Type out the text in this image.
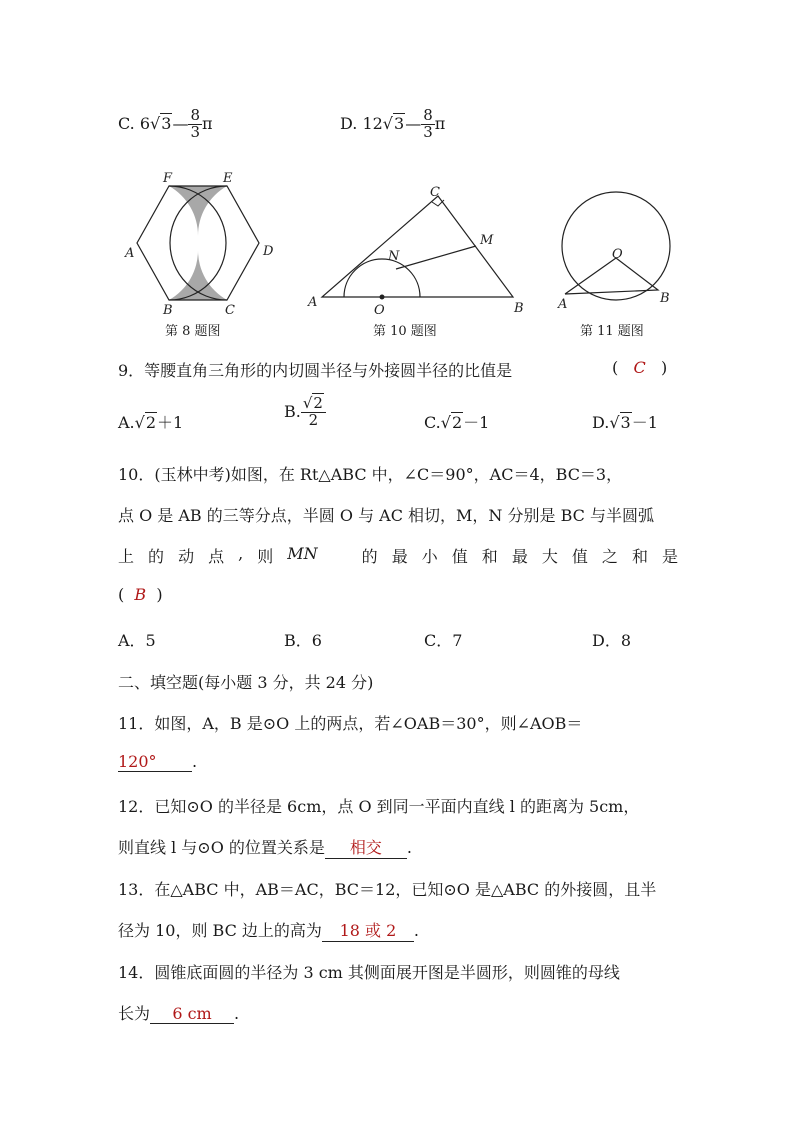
C. 6√3— $\frac{8}{3}$ π	D. 12√3— $\frac{8}{3}$ π
F	E
A	D
B	C
第 8 题图
C
M
N
A
O	B
第 10 题图
O
A	B
第 11 题图
9．等腰直角三角形的内切圆半径与外接圆半径的比值是	( C )
A.√2＋1
B. $\frac{√2}{2}$	C.√2－1	D.√3－1
10．(玉林中考)如图，在 Rt△ABC 中，∠C＝90°，AC＝4，BC＝3，
点 O 是 AB 的三等分点，半圆 O 与 AC 相切，M，N 分别是 BC 与半圆弧
上 的 动 点 , 则 MN	的 最 小 值 和 最 大 值 之 和 是
( B )
A．5	B．6	C．7	D．8
二、填空题(每小题 3 分，共 24 分)
11．如图，A，B 是⊙O 上的两点，若∠OAB＝30°，则∠AOB＝
120° .
12．已知⊙O 的半径是 6cm，点 O 到同一平面内直线 l 的距离为 5cm，
则直线 l 与⊙O 的位置关系是 相交 .
13．在△ABC 中，AB＝AC，BC＝12，已知⊙O 是△ABC 的外接圆，且半
径为 10，则 BC 边上的高为 18 或 2 .
14．圆锥底面圆的半径为 3 cm 其侧面展开图是半圆形，则圆锥的母线
长为 6 cm .
